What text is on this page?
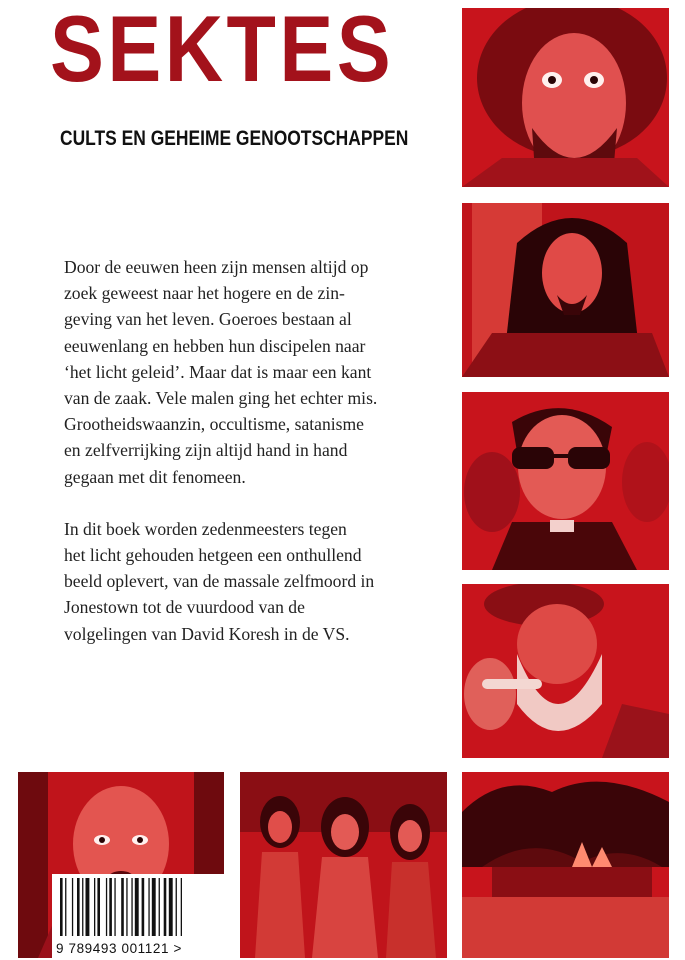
SEKTES
CULTS EN GEHEIME GENOOTSCHAPPEN

Door de eeuwen heen zijn mensen altijd op

zoek geweest naar het hogere en de zin-

geving van het leven. Goeroes bestaan al

eeuwenlang en hebben hun discipelen naar

‘het licht geleid’. Maar dat is maar een kant

van de zaak. Vele malen ging het echter mis.

Grootheidswaanzin, occultisme, satanisme

en zelfverrijking zijn altijd hand in hand

gegaan met dit fenomeen.

In dit boek worden zedenmeesters tegen

het licht gehouden hetgeen een onthullend

beeld oplevert, van de massale zelfmoord in

Jonestown tot de vuurdood van de

volgelingen van David Koresh in de VS.

9 789493 001121 >
